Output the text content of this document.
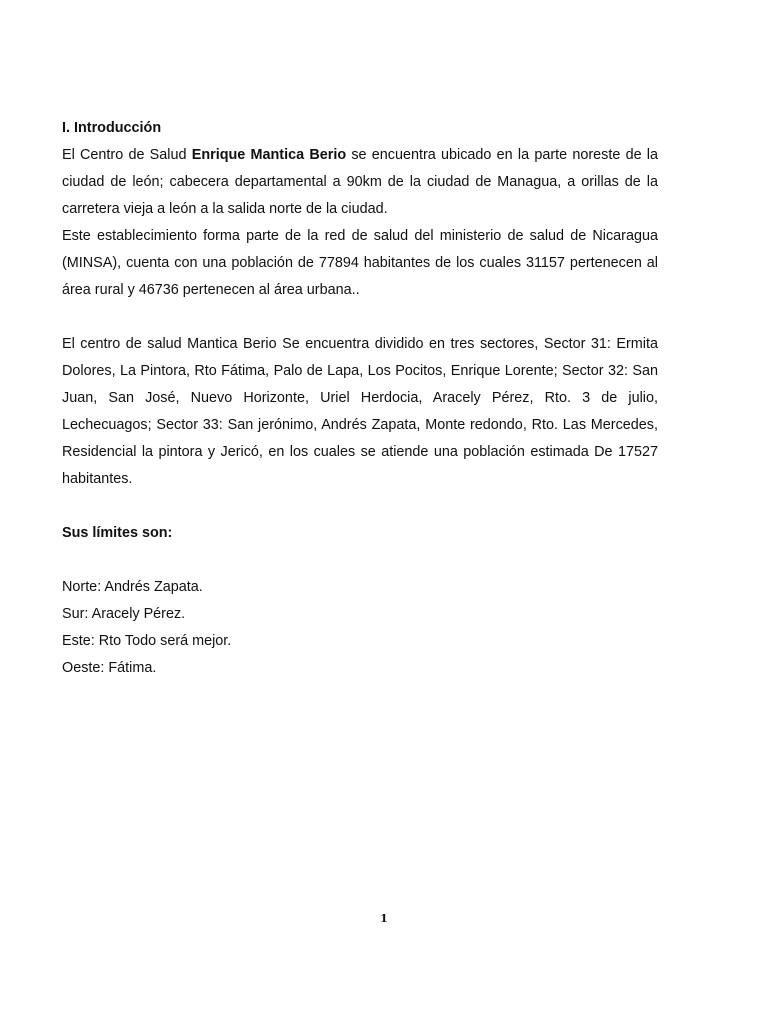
I. Introducción

El Centro de Salud Enrique Mantica Berio se encuentra ubicado en la parte noreste de la ciudad de león; cabecera departamental a 90km de la ciudad de Managua, a orillas de la carretera vieja a león a la salida norte de la ciudad.

Este establecimiento forma parte de la red de salud del ministerio de salud de Nicaragua (MINSA), cuenta con una población de 77894 habitantes de los cuales 31157 pertenecen al área rural y 46736 pertenecen al área urbana..

El centro de salud Mantica Berio Se encuentra dividido en tres sectores, Sector 31: Ermita Dolores, La Pintora, Rto Fátima, Palo de Lapa, Los Pocitos, Enrique Lorente; Sector 32: San Juan, San José, Nuevo Horizonte, Uriel Herdocia, Aracely Pérez, Rto. 3 de julio, Lechecuagos; Sector 33: San jerónimo, Andrés Zapata, Monte redondo, Rto. Las Mercedes, Residencial la pintora y Jericó, en los cuales se atiende una población estimada De 17527 habitantes.

Sus límites son:

Norte: Andrés Zapata.

Sur: Aracely Pérez.

Este: Rto Todo será mejor.

Oeste: Fátima.

1
